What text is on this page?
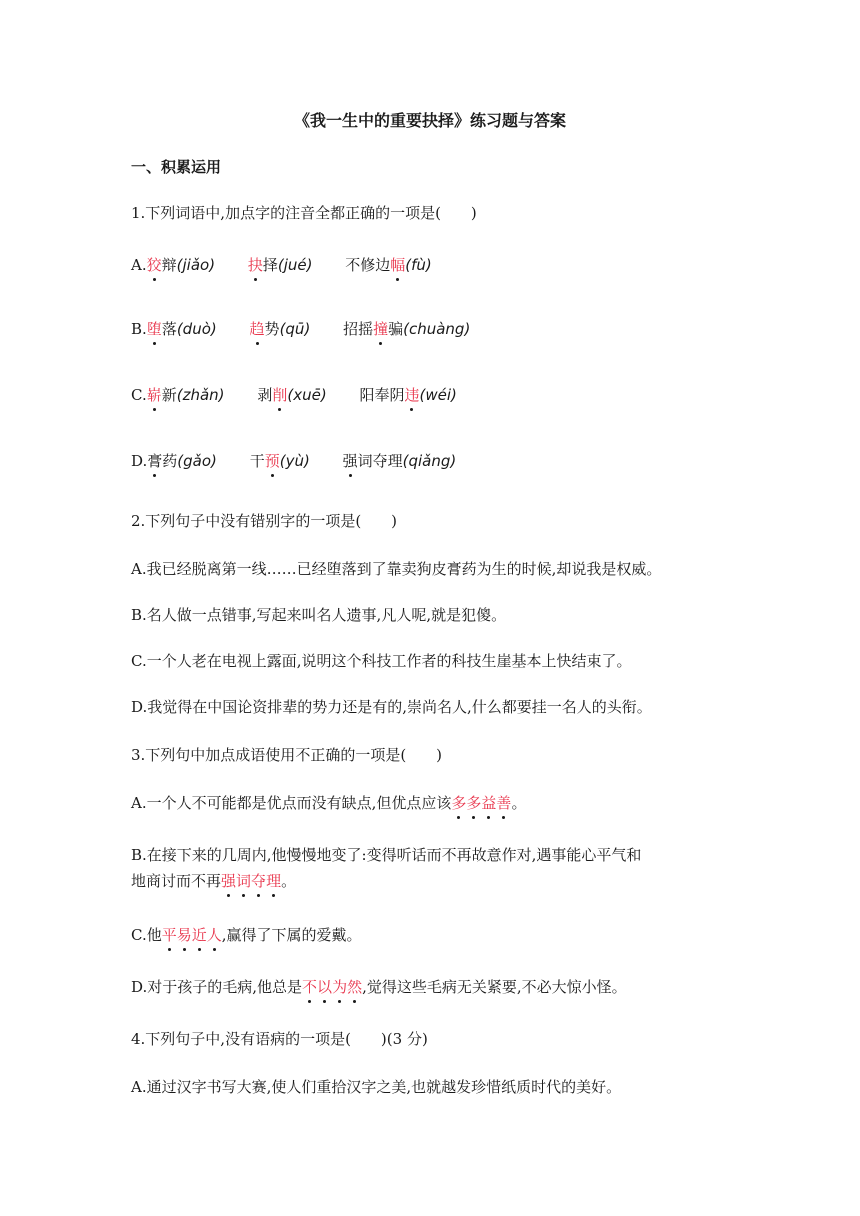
《我一生中的重要抉择》练习题与答案
一、积累运用
1.下列词语中,加点字的注音全都正确的一项是(　　)
A.狡辩(jiǎo) 抉择(jué) 不修边幅(fù)
B.堕落(duò) 趋势(qū) 招摇撞骗(chuàng)
C.崭新(zhǎn) 剥削(xuē) 阳奉阴违(wéi)
D.膏药(gǎo) 干预(yù) 强词夺理(qiǎng)
2.下列句子中没有错别字的一项是(　　)
A.我已经脱离第一线……已经堕落到了靠卖狗皮膏药为生的时候,却说我是权威。
B.名人做一点错事,写起来叫名人遗事,凡人呢,就是犯傻。
C.一个人老在电视上露面,说明这个科技工作者的科技生崖基本上快结束了。
D.我觉得在中国论资排辈的势力还是有的,崇尚名人,什么都要挂一名人的头衔。
3.下列句中加点成语使用不正确的一项是(　　)
A.一个人不可能都是优点而没有缺点,但优点应该多多益善。
B.在接下来的几周内,他慢慢地变了:变得听话而不再故意作对,遇事能心平气和
地商讨而不再强词夺理。
C.他平易近人,赢得了下属的爱戴。
D.对于孩子的毛病,他总是不以为然,觉得这些毛病无关紧要,不必大惊小怪。
4.下列句子中,没有语病的一项是(　　)(3 分)
A.通过汉字书写大赛,使人们重拾汉字之美,也就越发珍惜纸质时代的美好。
